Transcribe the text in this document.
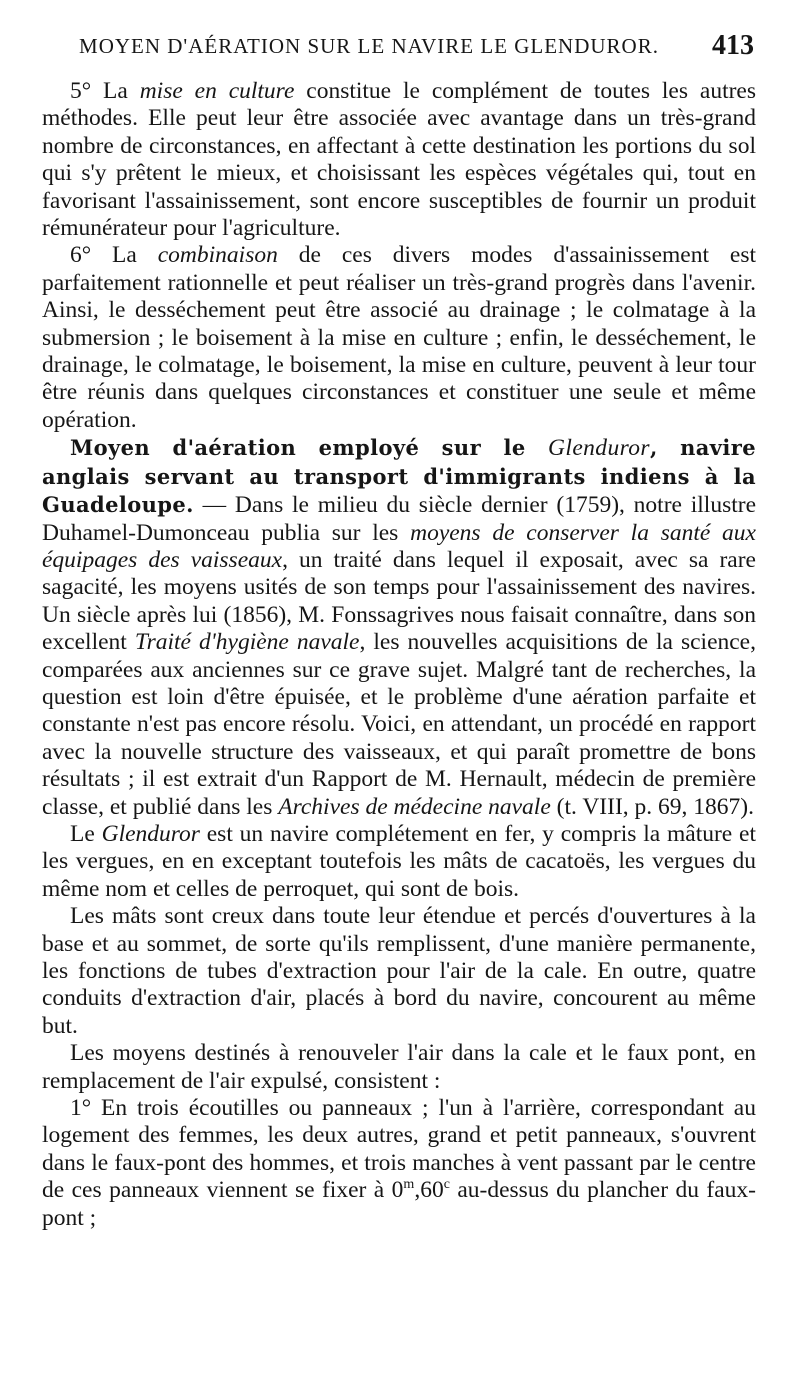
MOYEN D'AÉRATION SUR LE NAVIRE LE GLENDUROR. 413

5° La mise en culture constitue le complément de toutes les autres méthodes. Elle peut leur être associée avec avantage dans un très-grand nombre de circonstances, en affectant à cette destination les portions du sol qui s'y prêtent le mieux, et choisissant les espèces végétales qui, tout en favorisant l'assainissement, sont encore susceptibles de fournir un produit rémunérateur pour l'agriculture.

6° La combinaison de ces divers modes d'assainissement est parfaitement rationnelle et peut réaliser un très-grand progrès dans l'avenir. Ainsi, le desséchement peut être associé au drainage ; le colmatage à la submersion ; le boisement à la mise en culture ; enfin, le desséchement, le drainage, le colmatage, le boisement, la mise en culture, peuvent à leur tour être réunis dans quelques circonstances et constituer une seule et même opération.

Moyen d'aération employé sur le Glenduror, navire anglais servant au transport d'immigrants indiens à la Guadeloupe. — Dans le milieu du siècle dernier (1759), notre illustre Duhamel-Dumonceau publia sur les moyens de conserver la santé aux équipages des vaisseaux, un traité dans lequel il exposait, avec sa rare sagacité, les moyens usités de son temps pour l'assainissement des navires. Un siècle après lui (1856), M. Fonssagrives nous faisait connaître, dans son excellent Traité d'hygiène navale, les nouvelles acquisitions de la science, comparées aux anciennes sur ce grave sujet. Malgré tant de recherches, la question est loin d'être épuisée, et le problème d'une aération parfaite et constante n'est pas encore résolu. Voici, en attendant, un procédé en rapport avec la nouvelle structure des vaisseaux, et qui paraît promettre de bons résultats ; il est extrait d'un Rapport de M. Hernault, médecin de première classe, et publié dans les Archives de médecine navale (t. VIII, p. 69, 1867).

Le Glenduror est un navire complétement en fer, y compris la mâture et les vergues, en en exceptant toutefois les mâts de cacatoës, les vergues du même nom et celles de perroquet, qui sont de bois.

Les mâts sont creux dans toute leur étendue et percés d'ouvertures à la base et au sommet, de sorte qu'ils remplissent, d'une manière permanente, les fonctions de tubes d'extraction pour l'air de la cale. En outre, quatre conduits d'extraction d'air, placés à bord du navire, concourent au même but.

Les moyens destinés à renouveler l'air dans la cale et le faux pont, en remplacement de l'air expulsé, consistent :

1° En trois écoutilles ou panneaux ; l'un à l'arrière, correspondant au logement des femmes, les deux autres, grand et petit panneaux, s'ouvrent dans le faux-pont des hommes, et trois manches à vent passant par le centre de ces panneaux viennent se fixer à 0$^m$,60$^c$ au-dessus du plancher du faux-pont ;
